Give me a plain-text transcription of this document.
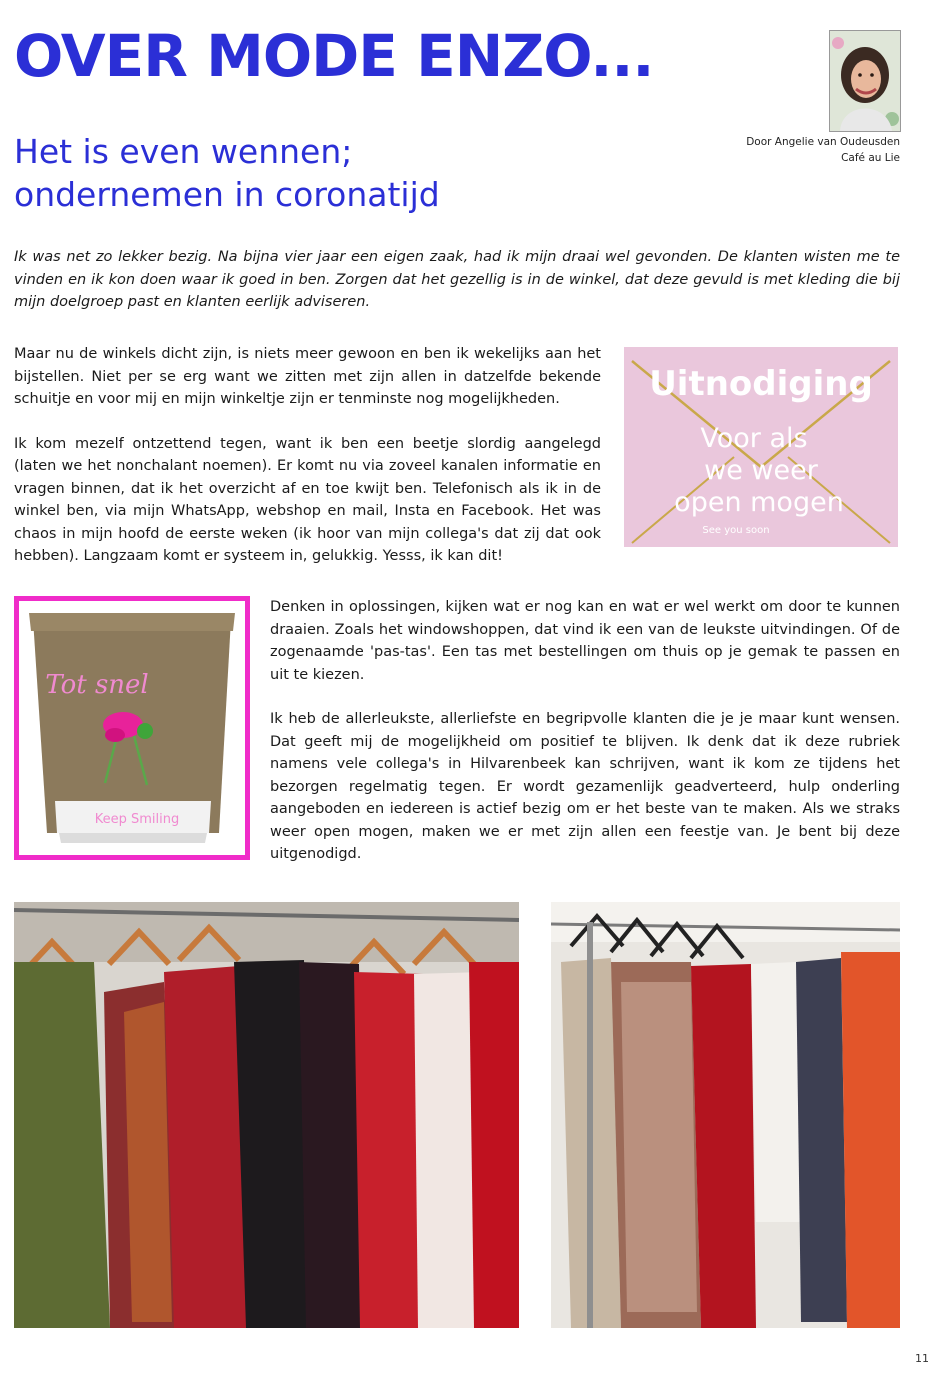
OVER MODE ENZO...
Door Angelie van Oudeusden
Café au Lie
Het is even wennen;
ondernemen in coronatijd

Ik was net zo lekker bezig. Na bijna vier jaar een eigen zaak, had ik mijn draai wel gevonden. De klanten wisten me te vinden en ik kon doen waar ik goed in ben. Zorgen dat het gezellig is in de winkel, dat deze gevuld is met kleding die bij mijn doelgroep past en klanten eerlijk adviseren.

Maar nu de winkels dicht zijn, is niets meer gewoon en ben ik wekelijks aan het bijstellen. Niet per se erg want we zitten met zijn allen in datzelfde bekende schuitje en voor mij en mijn winkeltje zijn er tenminste nog mogelijkheden.

Ik kom mezelf ontzettend tegen, want ik ben een beetje slordig aangelegd (laten we het nonchalant noemen). Er komt nu via zoveel kanalen informatie en vragen binnen, dat ik het overzicht af en toe kwijt ben. Telefonisch als ik in de winkel ben, via mijn WhatsApp, webshop en mail, Insta en Facebook. Het was chaos in mijn hoofd de eerste weken (ik hoor van mijn collega's dat zij dat ook hebben). Langzaam komt er systeem in, gelukkig. Yesss, ik kan dit!

Uitnodiging
Voor als
we weer
open mogen
See you soon
Tot snel
Keep Smiling

Denken in oplossingen, kijken wat er nog kan en wat er wel werkt om door te kunnen draaien. Zoals het windowshoppen, dat vind ik een van de leukste uitvindingen. Of de zogenaamde 'pas-tas'. Een tas met bestellingen om thuis op je gemak te passen en uit te kiezen.

Ik heb de allerleukste, allerliefste en begripvolle klanten die je je maar kunt wensen. Dat geeft mij de mogelijkheid om positief te blijven. Ik denk dat ik deze rubriek namens vele collega's in Hilvarenbeek kan schrijven, want ik kom ze tijdens het bezorgen regelmatig tegen. Er wordt gezamenlijk geadverteerd, hulp onderling aangeboden en iedereen is actief bezig om er het beste van te maken. Als we straks weer open mogen, maken we er met zijn allen een feestje van. Je bent bij deze uitgenodigd.

11
